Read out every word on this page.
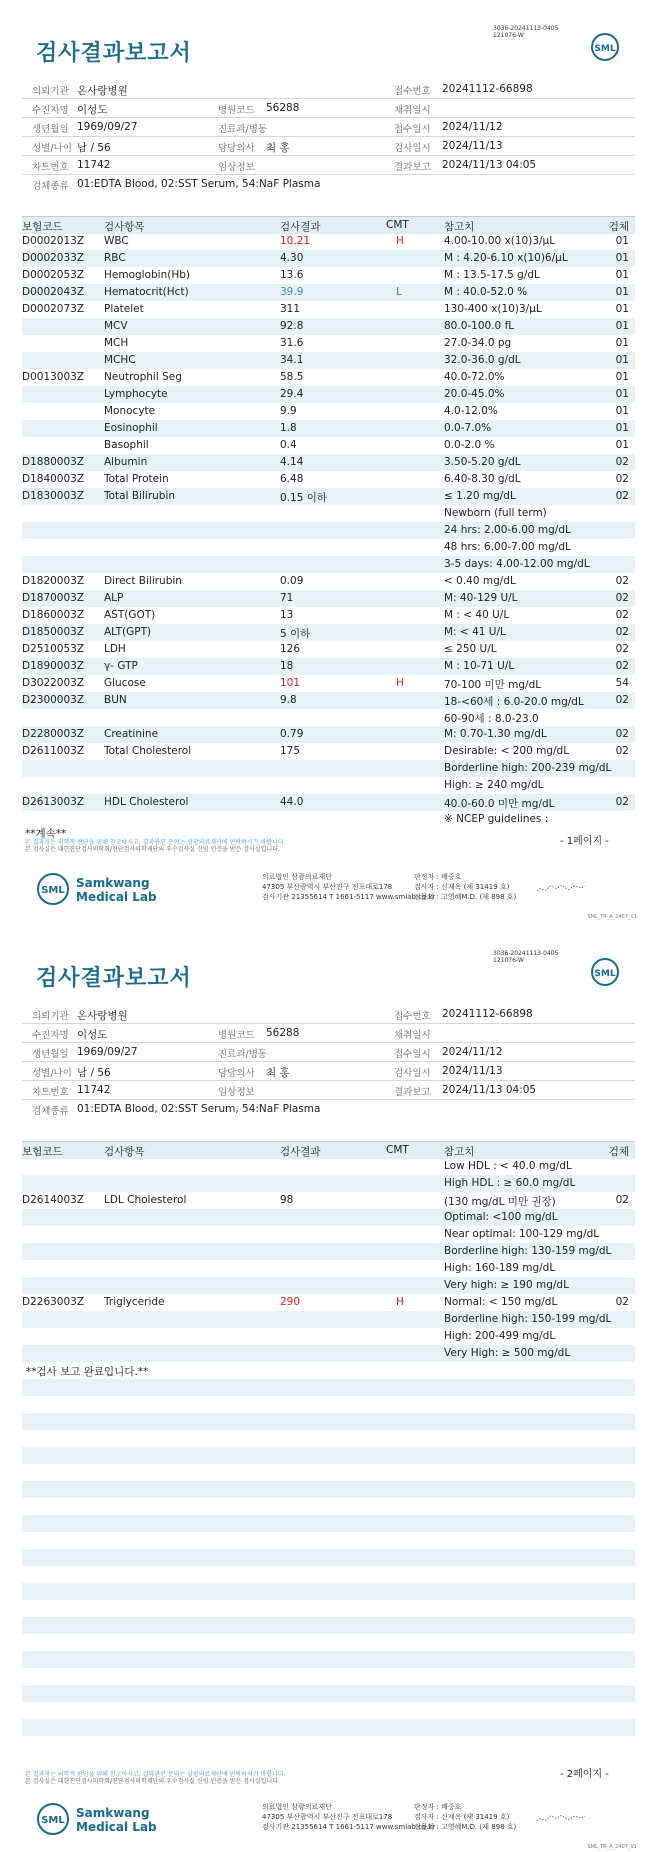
검사결과보고서
3036-20241113-0405
121076-W
SML
의뢰기관 온사랑병원	접수번호 20241112-66898
수진자명 이성도	병원코드 56288	채취일시
생년월일 1969/09/27	진료과/병동	접수일시 2024/11/12
성별/나이 남 / 56	담당의사 최 홍	검사일시 2024/11/13
차트번호 11742	임상정보	결과보고 2024/11/13 04:05
검체종류 01:EDTA Blood, 02:SST Serum, 54:NaF Plasma
보험코드	검사항목	검사결과	CMT	참고치	검체
D0002013Z WBC	10.21	H	4.00-10.00 x(10)3/μL	01
D0002033Z RBC	4.30	M : 4.20-6.10 x(10)6/μL	01
D0002053Z Hemoglobin(Hb)	13.6	M : 13.5-17.5 g/dL	01
D0002043Z Hematocrit(Hct)	39.9	L	M : 40.0-52.0 %	01
D0002073Z Platelet	311	130-400 x(10)3/μL	01
MCV	92.8	80.0-100.0 fL	01
MCH	31.6	27.0-34.0 pg	01
MCHC	34.1	32.0-36.0 g/dL	01
D0013003Z Neutrophil Seg	58.5	40.0-72.0%	01
Lymphocyte	29.4	20.0-45.0%	01
Monocyte	9.9	4.0-12.0%	01
Eosinophil	1.8	0.0-7.0%	01
Basophil	0.4	0.0-2.0 %	01
D1880003Z Albumin	4.14	3.50-5.20 g/dL	02
D1840003Z Total Protein	6.48	6.40-8.30 g/dL	02
D1830003Z Total Bilirubin	0.15 이하	≤ 1.20 mg/dL	02
Newborn (full term)
24 hrs: 2.00-6.00 mg/dL
48 hrs: 6.00-7.00 mg/dL
3-5 days: 4.00-12.00 mg/dL
D1820003Z Direct Bilirubin	0.09	< 0.40 mg/dL	02
D1870003Z ALP	71	M: 40-129 U/L	02
D1860003Z AST(GOT)	13	M : < 40 U/L	02
D1850003Z ALT(GPT)	5 이하	M: < 41 U/L	02
D2510053Z LDH	126	≤ 250 U/L	02
D1890003Z γ- GTP	18	M : 10-71 U/L	02
D3022003Z Glucose	101	H	70-100 미만 mg/dL	54
D2300003Z BUN	9.8	18-<60세 : 6.0-20.0 mg/dL	02
60-90세 : 8.0-23.0
D2280003Z Creatinine	0.79	M: 0.70-1.30 mg/dL	02
D2611003Z Total Cholesterol	175	Desirable: < 200 mg/dL	02
Borderline high: 200-239 mg/dL
High: ≥ 240 mg/dL
D2613003Z HDL Cholesterol	44.0	40.0-60.0 미만 mg/dL	02
※ NCEP guidelines :
**계속**
- 1페이지 -
본 결과지는 의학적 판단을 위해 참고하시고, 결과관련 문의는 삼광의료재단에 연락하시기 바랍니다.
본 검사실은 대한진단검사의학회/진단검사의학재단의 우수검사실 신임 인증을 받은 검사실입니다.
SML
Samkwang
Medical Lab
의료법인 삼광의료재단
47305 부산광역시 부산진구 전포대로178
검사기관 21355614 T 1661-5117 www.smlab.co.kr
판정자 : 배중호
검사자 : 신재옥 (제 31419 호)
전문의 : 고영혜M.D. (제 898 호)
SML_TR_A_2407_V1
검사결과보고서
3036-20241113-0405
121076-W
SML
의뢰기관 온사랑병원	접수번호 20241112-66898
수진자명 이성도	병원코드 56288	채취일시
생년월일 1969/09/27	진료과/병동	접수일시 2024/11/12
성별/나이 남 / 56	담당의사 최 홍	검사일시 2024/11/13
차트번호 11742	임상정보	결과보고 2024/11/13 04:05
검체종류 01:EDTA Blood, 02:SST Serum, 54:NaF Plasma
보험코드	검사항목	검사결과	CMT	참고치	검체
Low HDL : < 40.0 mg/dL
High HDL : ≥ 60.0 mg/dL
D2614003Z LDL Cholesterol	98	(130 mg/dL 미만 권장)	02
Optimal: <100 mg/dL
Near optimal: 100-129 mg/dL
Borderline high: 130-159 mg/dL
High: 160-189 mg/dL
Very high: ≥ 190 mg/dL
D2263003Z Triglyceride	290	H	Normal: < 150 mg/dL	02
Borderline high: 150-199 mg/dL
High: 200-499 mg/dL
Very High: ≥ 500 mg/dL
**검사 보고 완료입니다.**
- 2페이지 -
본 결과지는 의학적 판단을 위해 참고하시고, 결과관련 문의는 삼광의료재단에 연락하시기 바랍니다.
본 검사실은 대한진단검사의학회/진단검사의학재단의 우수검사실 신임 인증을 받은 검사실입니다.
SML
Samkwang
Medical Lab
의료법인 삼광의료재단
47305 부산광역시 부산진구 전포대로178
검사기관 21355614 T 1661-5117 www.smlab.co.kr
판정자 : 배중호
검사자 : 신재옥 (제 31419 호)
전문의 : 고영혜M.D. (제 898 호)
SML_TR_A_2407_V1
